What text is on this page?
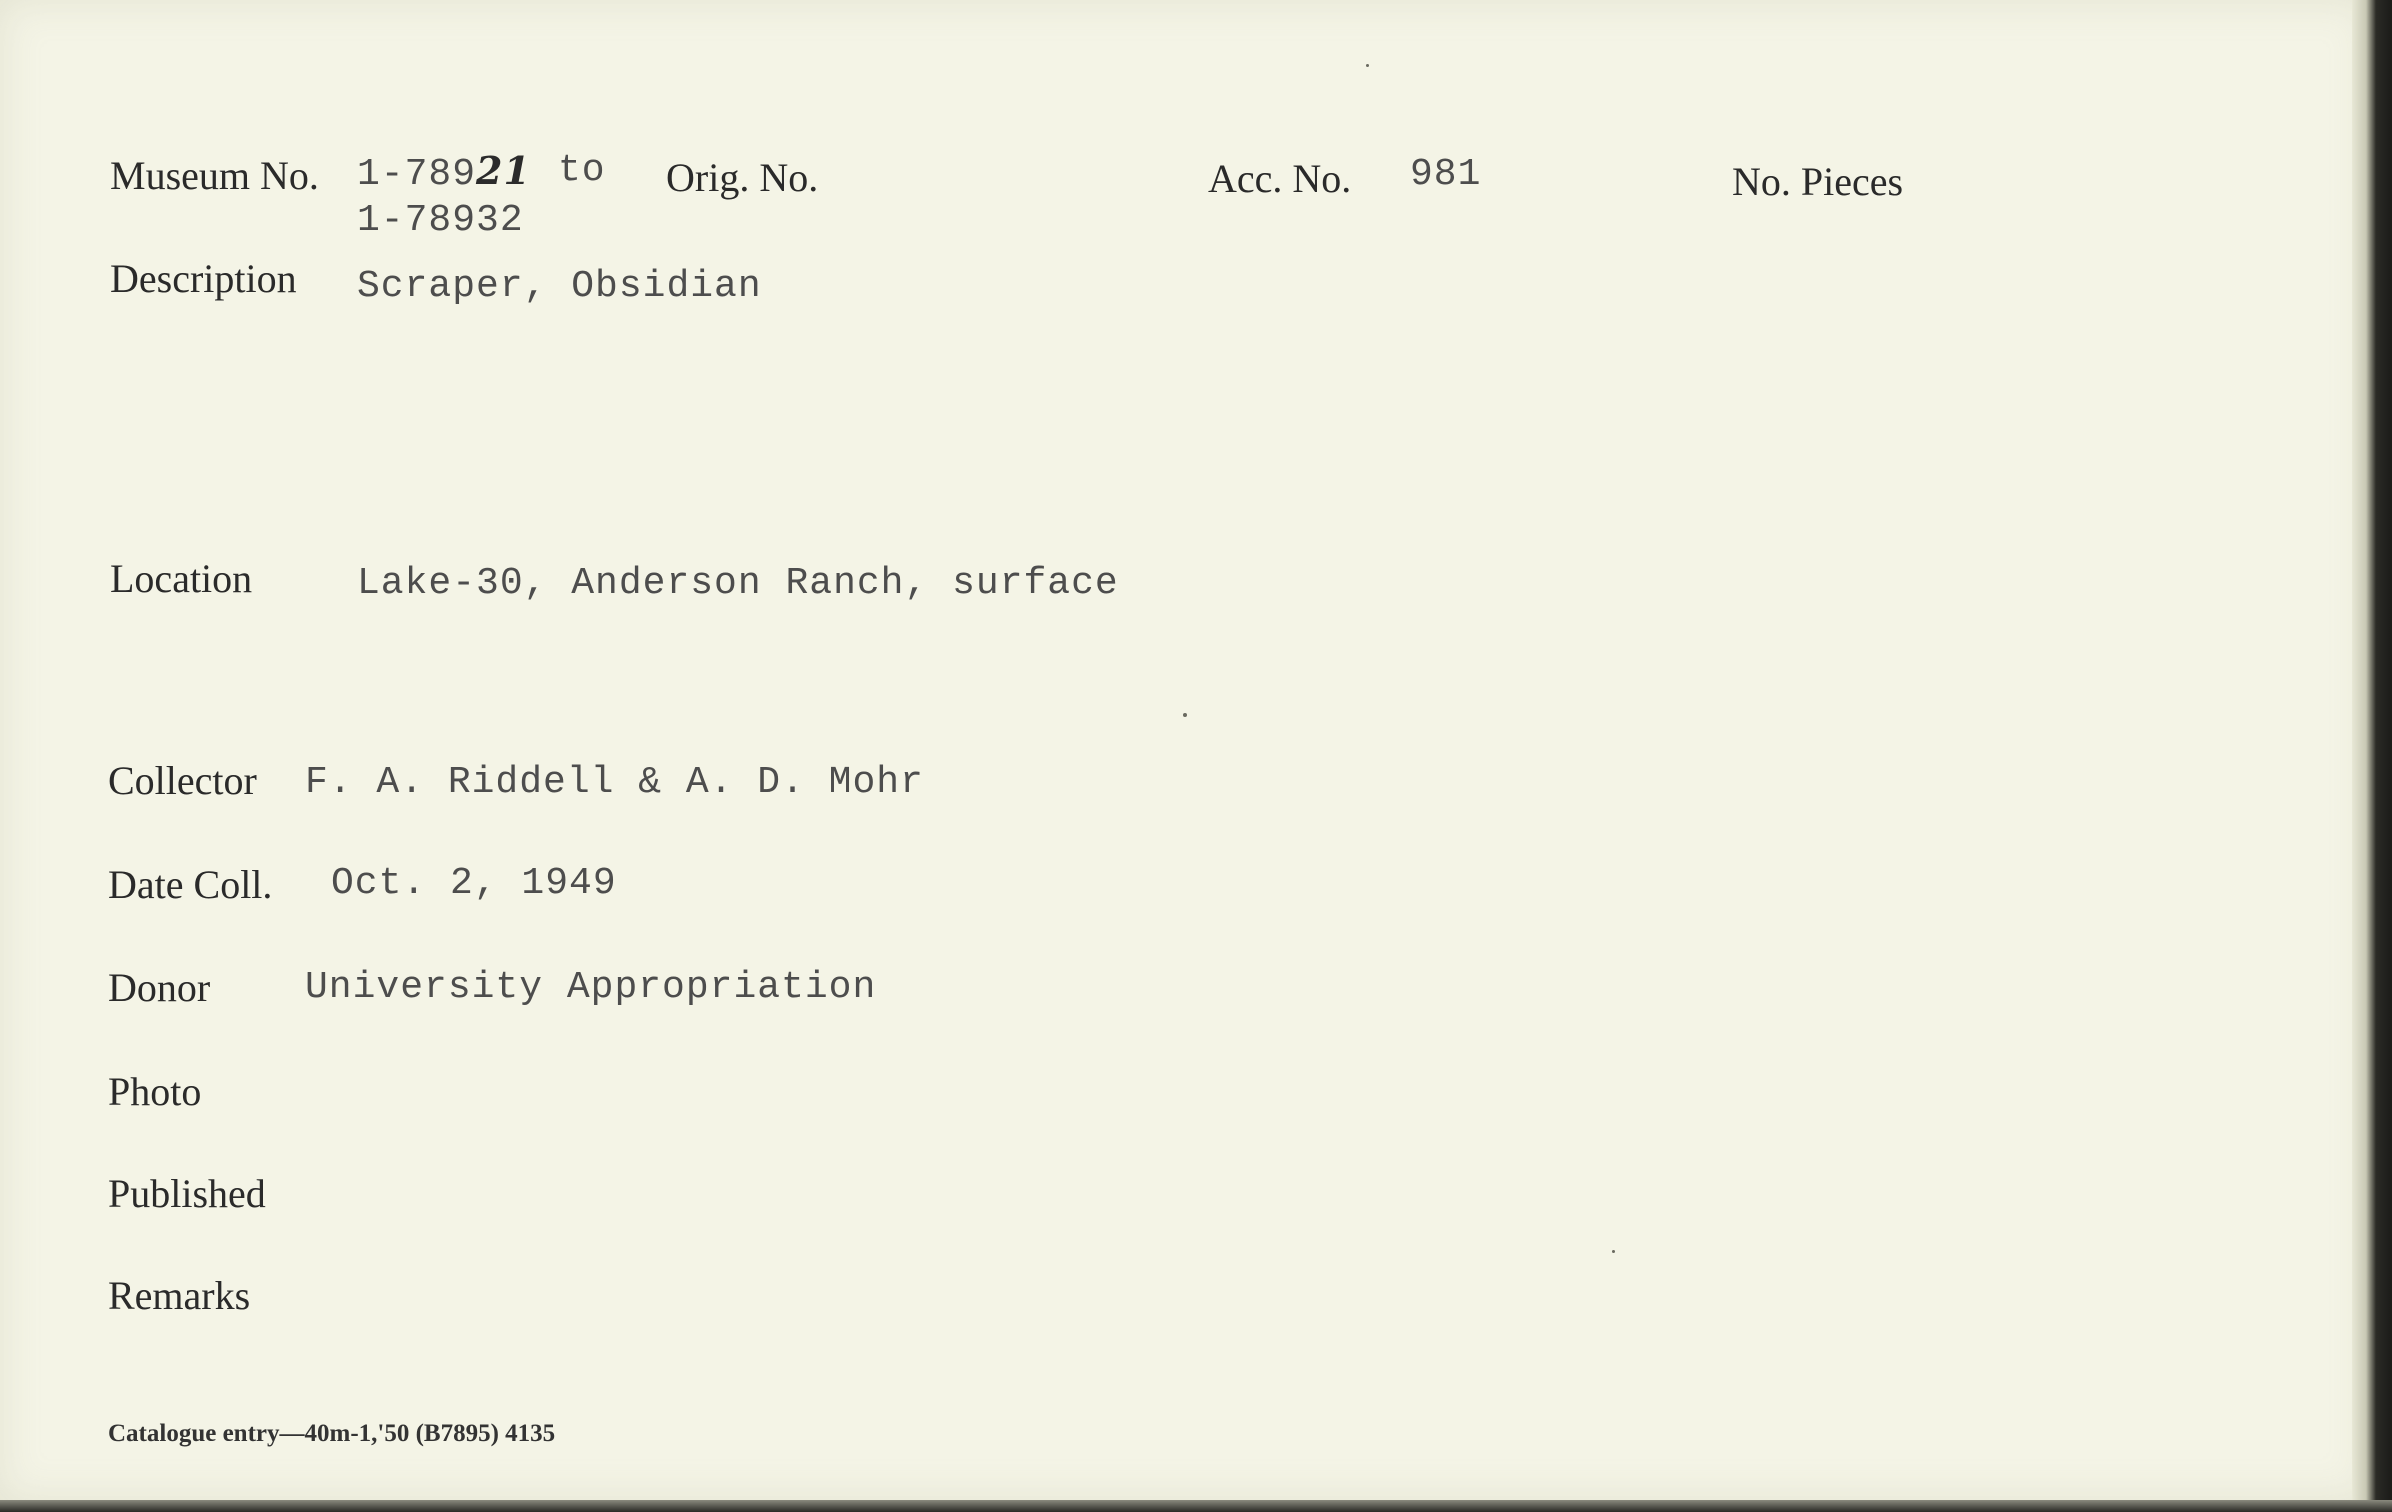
Museum No. 1-78921 to
1-78932
Orig. No.	Acc. No. 981	No. Pieces
Description Scraper, Obsidian
Location	Lake-30, Anderson Ranch, surface
Collector F. A. Riddell & A. D. Mohr
Date Coll. Oct. 2, 1949
Donor University Appropriation
Photo
Published
Remarks
Catalogue entry—40m-1,'50 (B7895) 4135
